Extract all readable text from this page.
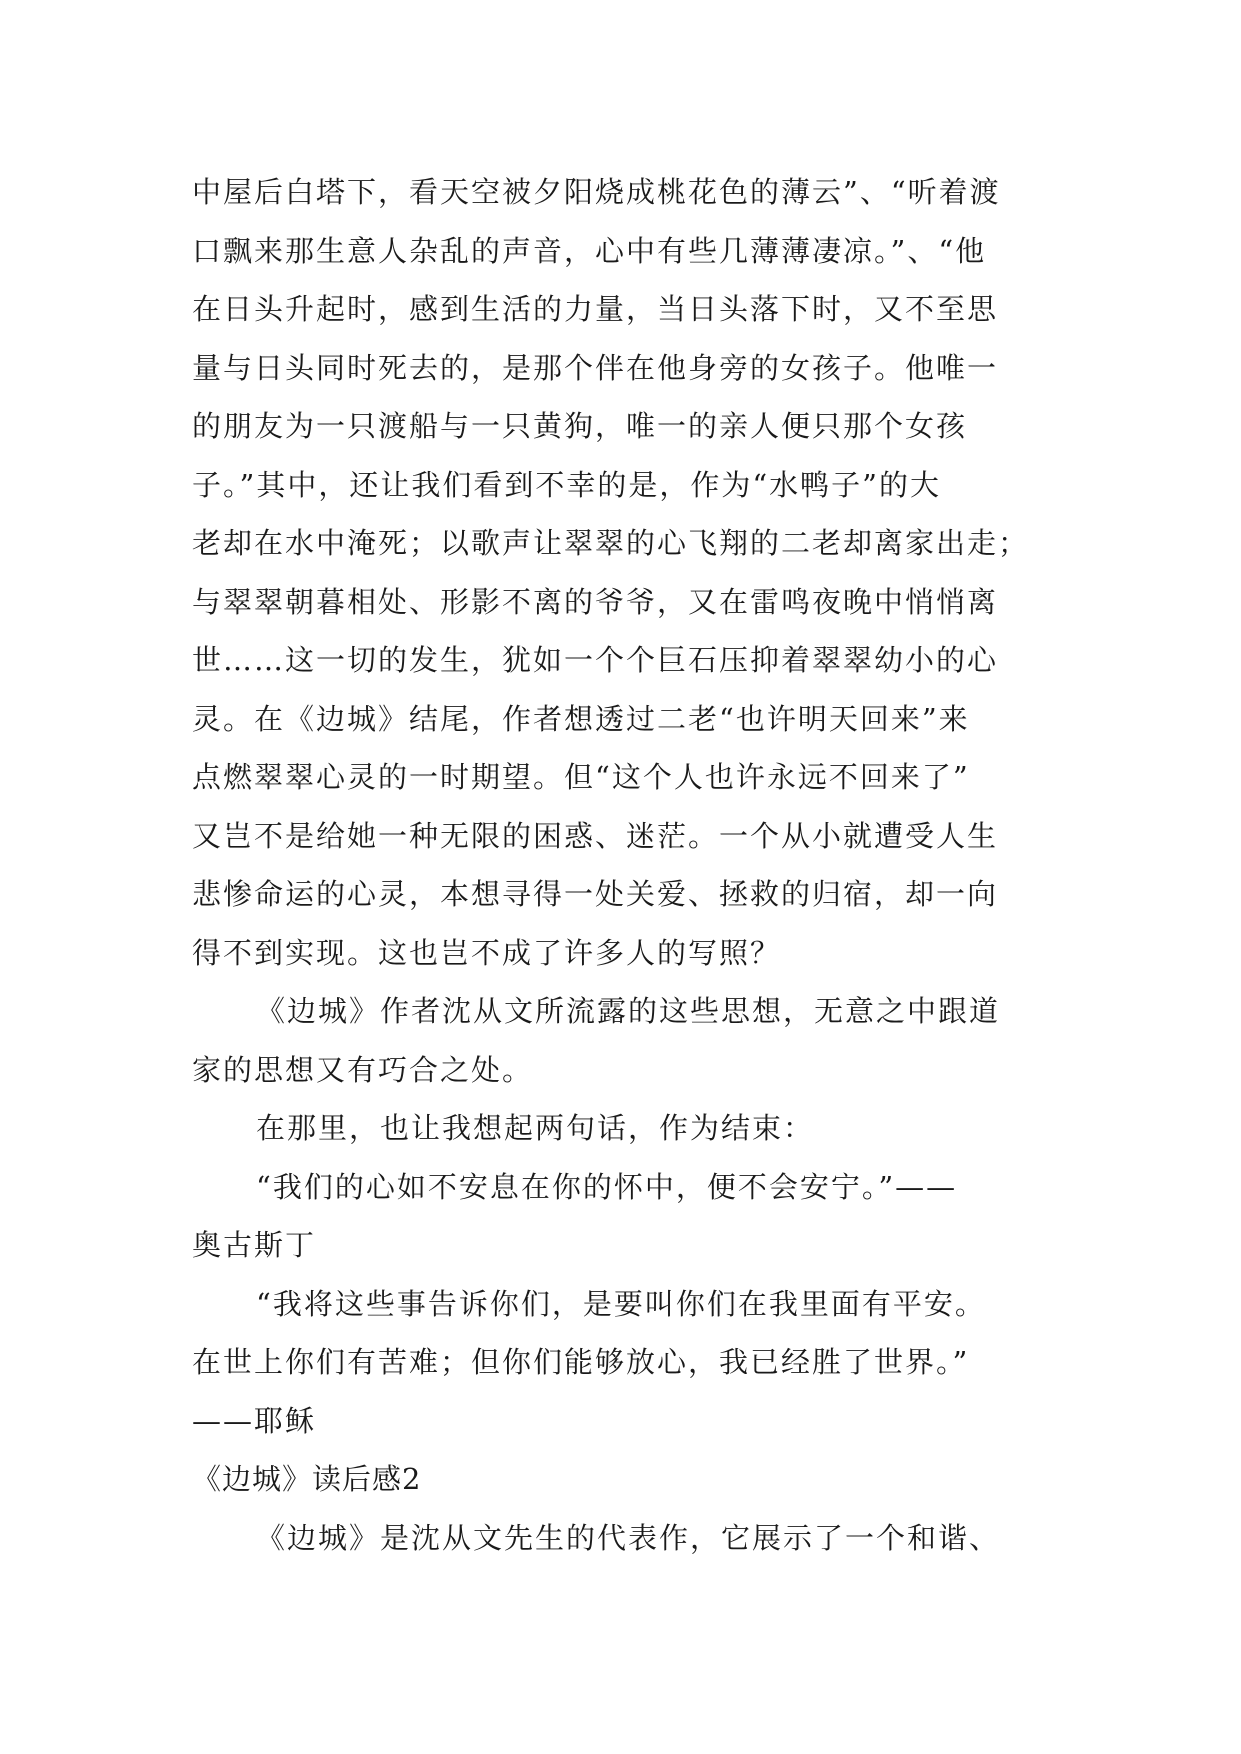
中屋后白塔下，看天空被夕阳烧成桃花色的薄云”、“听着渡
口飘来那生意人杂乱的声音，心中有些几薄薄凄凉。”、“他
在日头升起时，感到生活的力量，当日头落下时，又不至思
量与日头同时死去的，是那个伴在他身旁的女孩子。他唯一
的朋友为一只渡船与一只黄狗，唯一的亲人便只那个女孩
子。”其中，还让我们看到不幸的是，作为“水鸭子”的大
老却在水中淹死；以歌声让翠翠的心飞翔的二老却离家出走；
与翠翠朝暮相处、形影不离的爷爷，又在雷鸣夜晚中悄悄离
世……这一切的发生，犹如一个个巨石压抑着翠翠幼小的心
灵。在《边城》结尾，作者想透过二老“也许明天回来”来
点燃翠翠心灵的一时期望。但“这个人也许永远不回来了”
又岂不是给她一种无限的困惑、迷茫。一个从小就遭受人生
悲惨命运的心灵，本想寻得一处关爱、拯救的归宿，却一向
得不到实现。这也岂不成了许多人的写照？
《边城》作者沈从文所流露的这些思想，无意之中跟道
家的思想又有巧合之处。
在那里，也让我想起两句话，作为结束：
“我们的心如不安息在你的怀中，便不会安宁。”——
奥古斯丁
“我将这些事告诉你们，是要叫你们在我里面有平安。
在世上你们有苦难；但你们能够放心，我已经胜了世界。”
——耶稣
《边城》读后感2
《边城》是沈从文先生的代表作，它展示了一个和谐、
